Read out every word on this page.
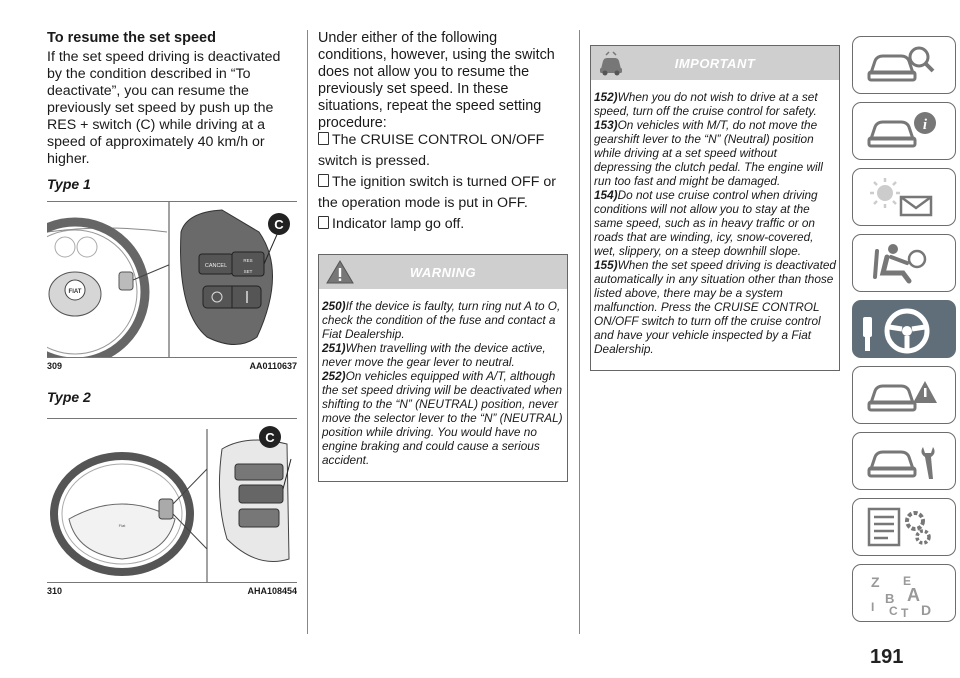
To resume the set speed

If the set speed driving is deactivated by the condition described in “To deactivate”, you can resume the previously set speed by push up the RES + switch (C) while driving at a speed of approximately 40 km/h or higher.

Type 1

FIAT
CANCEL
RES
SET
C
309	AA0110637

Type 2

Fiat
C
310	AHA108454

Under either of the following conditions, however, using the switch does not allow you to resume the previously set speed. In these situations, repeat the speed setting procedure:

The CRUISE CONTROL ON/OFF

switch is pressed.

The ignition switch is turned OFF or

the operation mode is put in OFF.

Indicator lamp go off.

WARNING

250)If the device is faulty, turn ring nut A to O, check the condition of the fuse and contact a Fiat Dealership.

251)When travelling with the device active, never move the gear lever to neutral.

252)On vehicles equipped with A/T, although the set speed driving will be deactivated when shifting to the “N” (NEUTRAL) position, never move the selector lever to the “N” (NEUTRAL) position while driving. You would have no engine braking and could cause a serious accident.

IMPORTANT

152)When you do not wish to drive at a set speed, turn off the cruise control for safety.

153)On vehicles with M/T, do not move the gearshift lever to the “N” (Neutral) position while driving at a set speed without depressing the clutch pedal. The engine will run too fast and might be damaged.

154)Do not use cruise control when driving conditions will not allow you to stay at the same speed, such as in heavy traffic or on roads that are winding, icy, snow-covered, wet, slippery, on a steep downhill slope.

155)When the set speed driving is deactivated automatically in any situation other than those listed above, there may be a system malfunction. Press the CRUISE CONTROL ON/OFF switch to turn off the cruise control and have your vehicle inspected by a Fiat Dealership.

i
Z E
B A
I C T D
191
